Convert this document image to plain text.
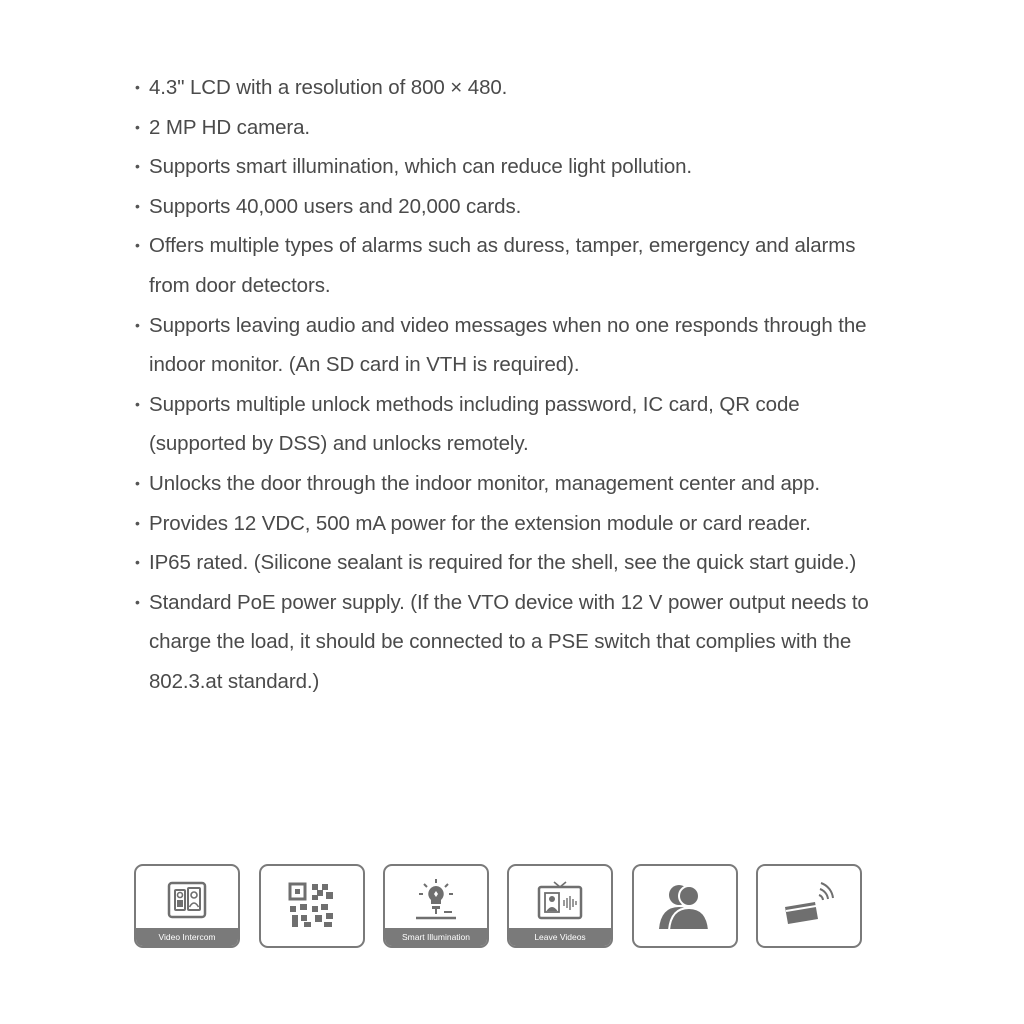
• 4.3" LCD with a resolution of 800 × 480.
• 2 MP HD camera.
• Supports smart illumination, which can reduce light pollution.
• Supports 40,000 users and 20,000 cards.
• Offers multiple types of alarms such as duress, tamper, emergency and alarms from door detectors.
• Supports leaving audio and video messages when no one responds through the indoor monitor. (An SD card in VTH is required).
• Supports multiple unlock methods including password, IC card, QR code (supported by DSS) and unlocks remotely.
• Unlocks the door through the indoor monitor, management center and app.
• Provides 12 VDC, 500 mA power for the extension module or card reader.
• IP65 rated. (Silicone sealant is required for the shell, see the quick start guide.)
• Standard PoE power supply. (If the VTO device with 12 V power output needs to charge the load, it should be connected to a PSE switch that complies with the 802.3.at standard.)
Video Intercom	Smart Illumination	Leave Videos
